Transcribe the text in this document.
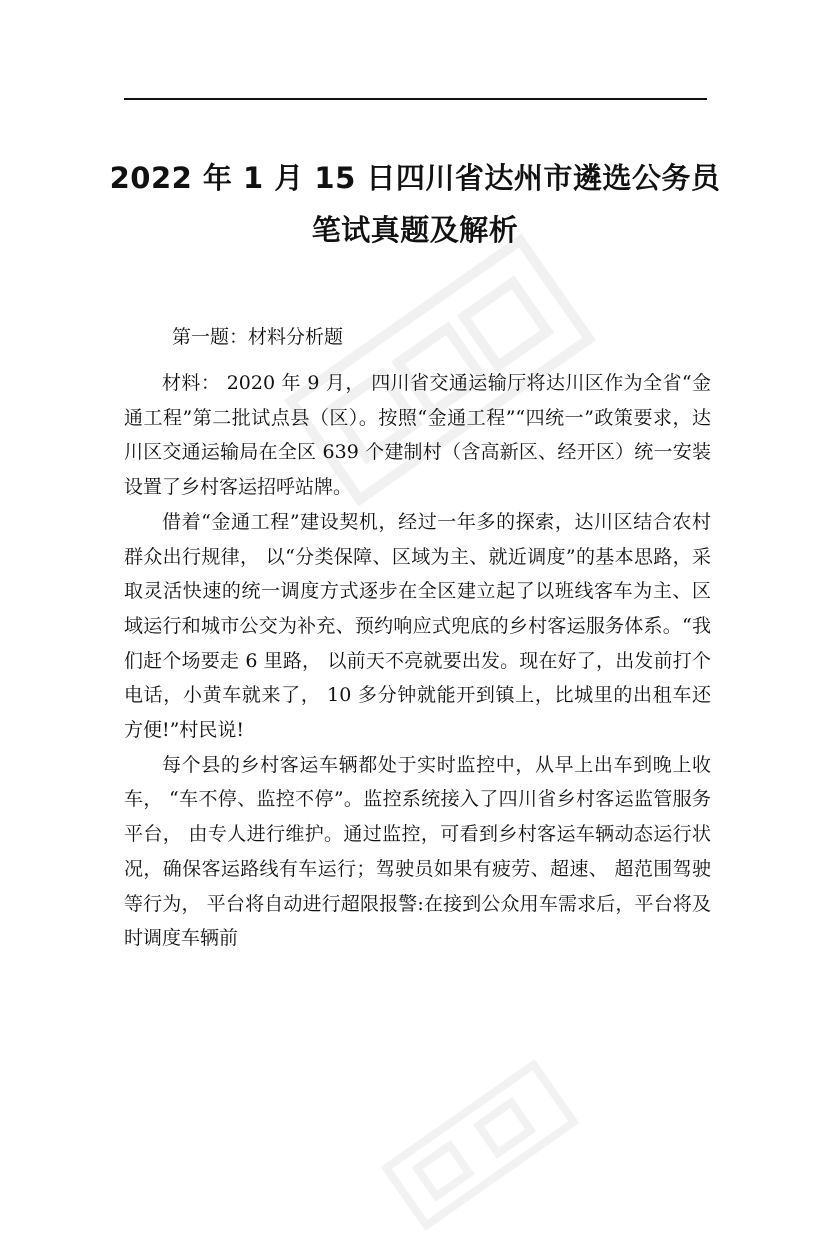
2022 年 1 月 15 日四川省达州市遴选公务员
笔试真题及解析
第一题：材料分析题

材料： 2020 年 9 月， 四川省交通运输厅将达川区作为全省“金通工程”第二批试点县（区）。按照“金通工程”“四统一”政策要求，达川区交通运输局在全区 639 个建制村（含高新区、经开区）统一安装设置了乡村客运招呼站牌。

借着“金通工程”建设契机，经过一年多的探索，达川区结合农村群众出行规律， 以“分类保障、区域为主、就近调度”的基本思路，采取灵活快速的统一调度方式逐步在全区建立起了以班线客车为主、区域运行和城市公交为补充、预约响应式兜底的乡村客运服务体系。“我们赶个场要走 6 里路， 以前天不亮就要出发。现在好了，出发前打个电话，小黄车就来了， 10 多分钟就能开到镇上，比城里的出租车还方便!”村民说!

每个县的乡村客运车辆都处于实时监控中，从早上出车到晚上收车， “车不停、监控不停”。监控系统接入了四川省乡村客运监管服务平台， 由专人进行维护。通过监控，可看到乡村客运车辆动态运行状况，确保客运路线有车运行；驾驶员如果有疲劳、超速、 超范围驾驶等行为， 平台将自动进行超限报警:在接到公众用车需求后，平台将及时调度车辆前
